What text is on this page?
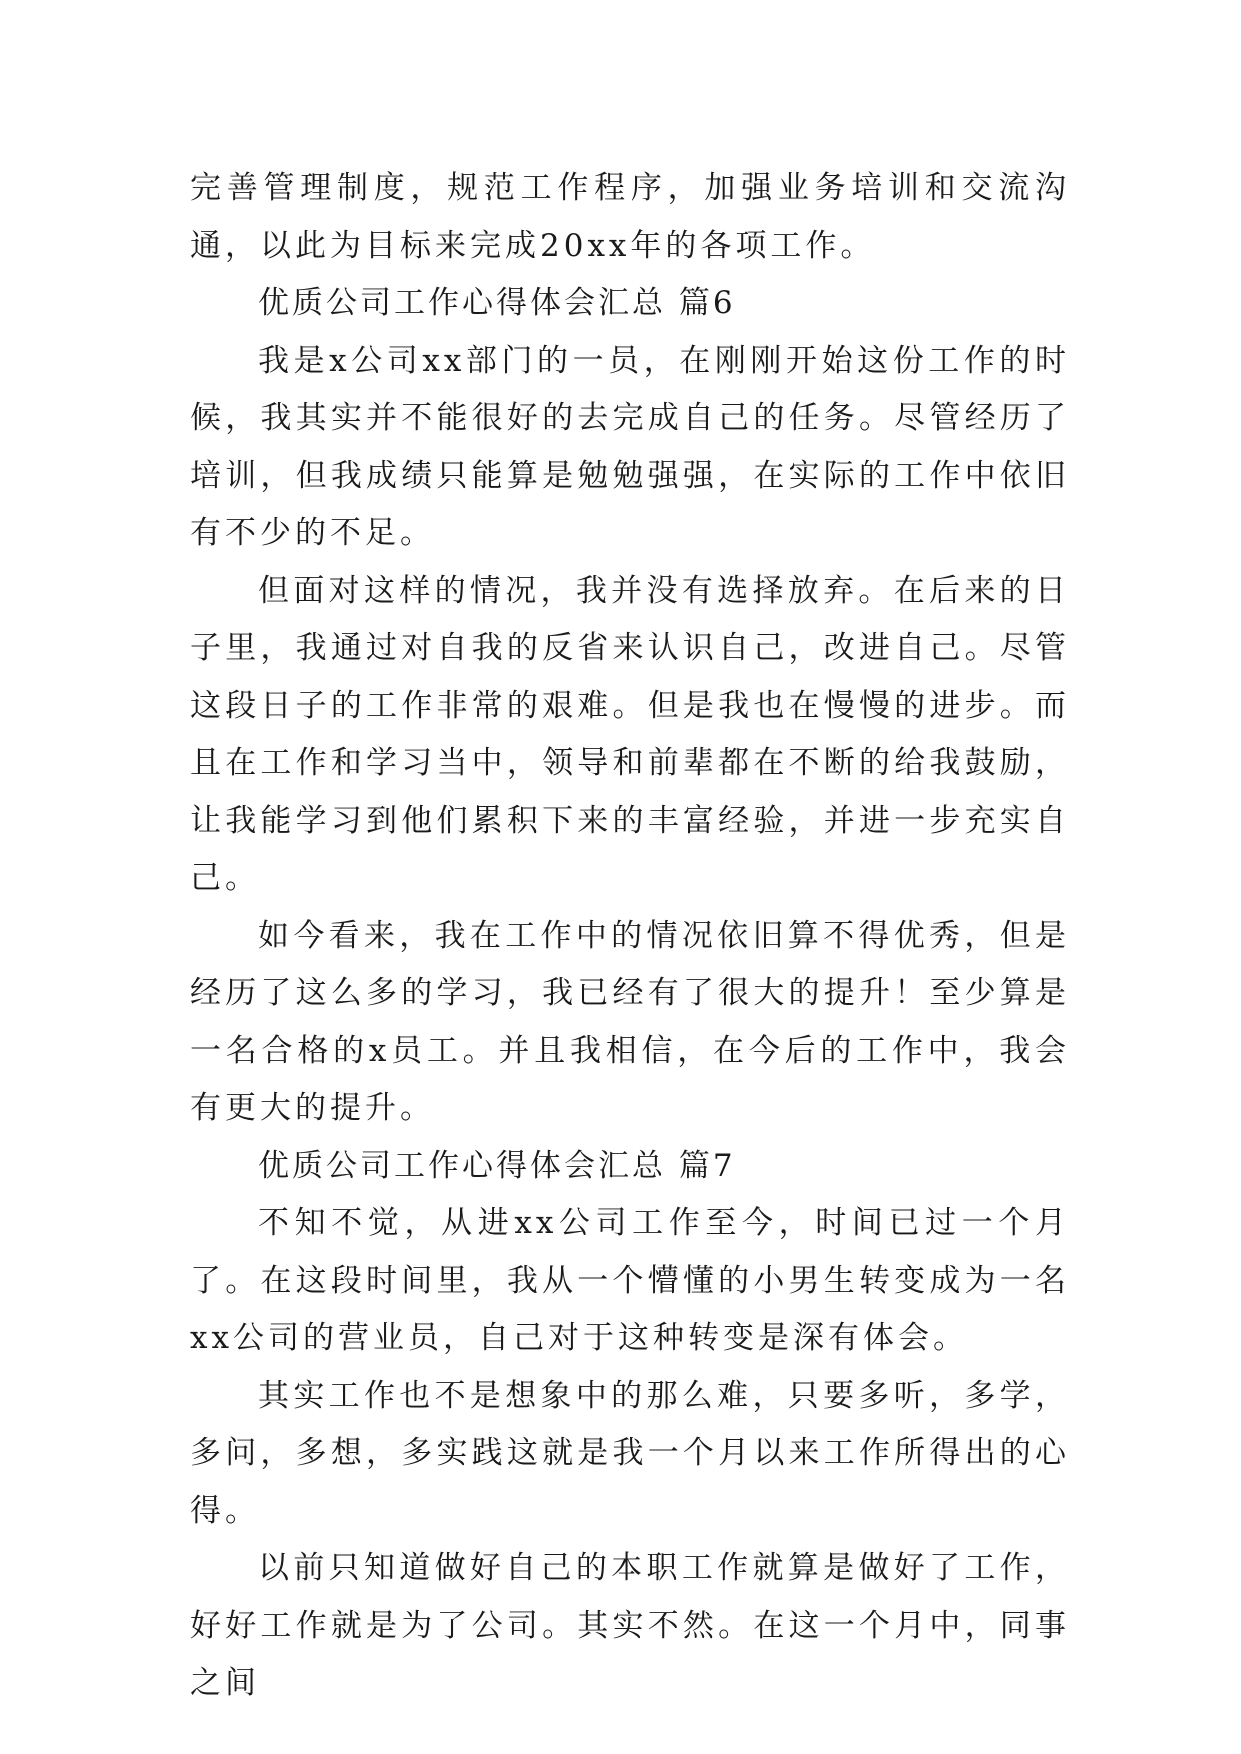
完善管理制度，规范工作程序，加强业务培训和交流沟通，以此为目标来完成20xx年的各项工作。

优质公司工作心得体会汇总 篇6

我是x公司xx部门的一员，在刚刚开始这份工作的时候，我其实并不能很好的去完成自己的任务。尽管经历了培训，但我成绩只能算是勉勉强强，在实际的工作中依旧有不少的不足。

但面对这样的情况，我并没有选择放弃。在后来的日子里，我通过对自我的反省来认识自己，改进自己。尽管这段日子的工作非常的艰难。但是我也在慢慢的进步。而且在工作和学习当中，领导和前辈都在不断的给我鼓励，让我能学习到他们累积下来的丰富经验，并进一步充实自己。

如今看来，我在工作中的情况依旧算不得优秀，但是经历了这么多的学习，我已经有了很大的提升！至少算是一名合格的x员工。并且我相信，在今后的工作中，我会有更大的提升。

优质公司工作心得体会汇总 篇7

不知不觉，从进xx公司工作至今，时间已过一个月了。在这段时间里，我从一个懵懂的小男生转变成为一名xx公司的营业员，自己对于这种转变是深有体会。

其实工作也不是想象中的那么难，只要多听，多学，多问，多想，多实践这就是我一个月以来工作所得出的心得。

以前只知道做好自己的本职工作就算是做好了工作，好好工作就是为了公司。其实不然。在这一个月中，同事之间
